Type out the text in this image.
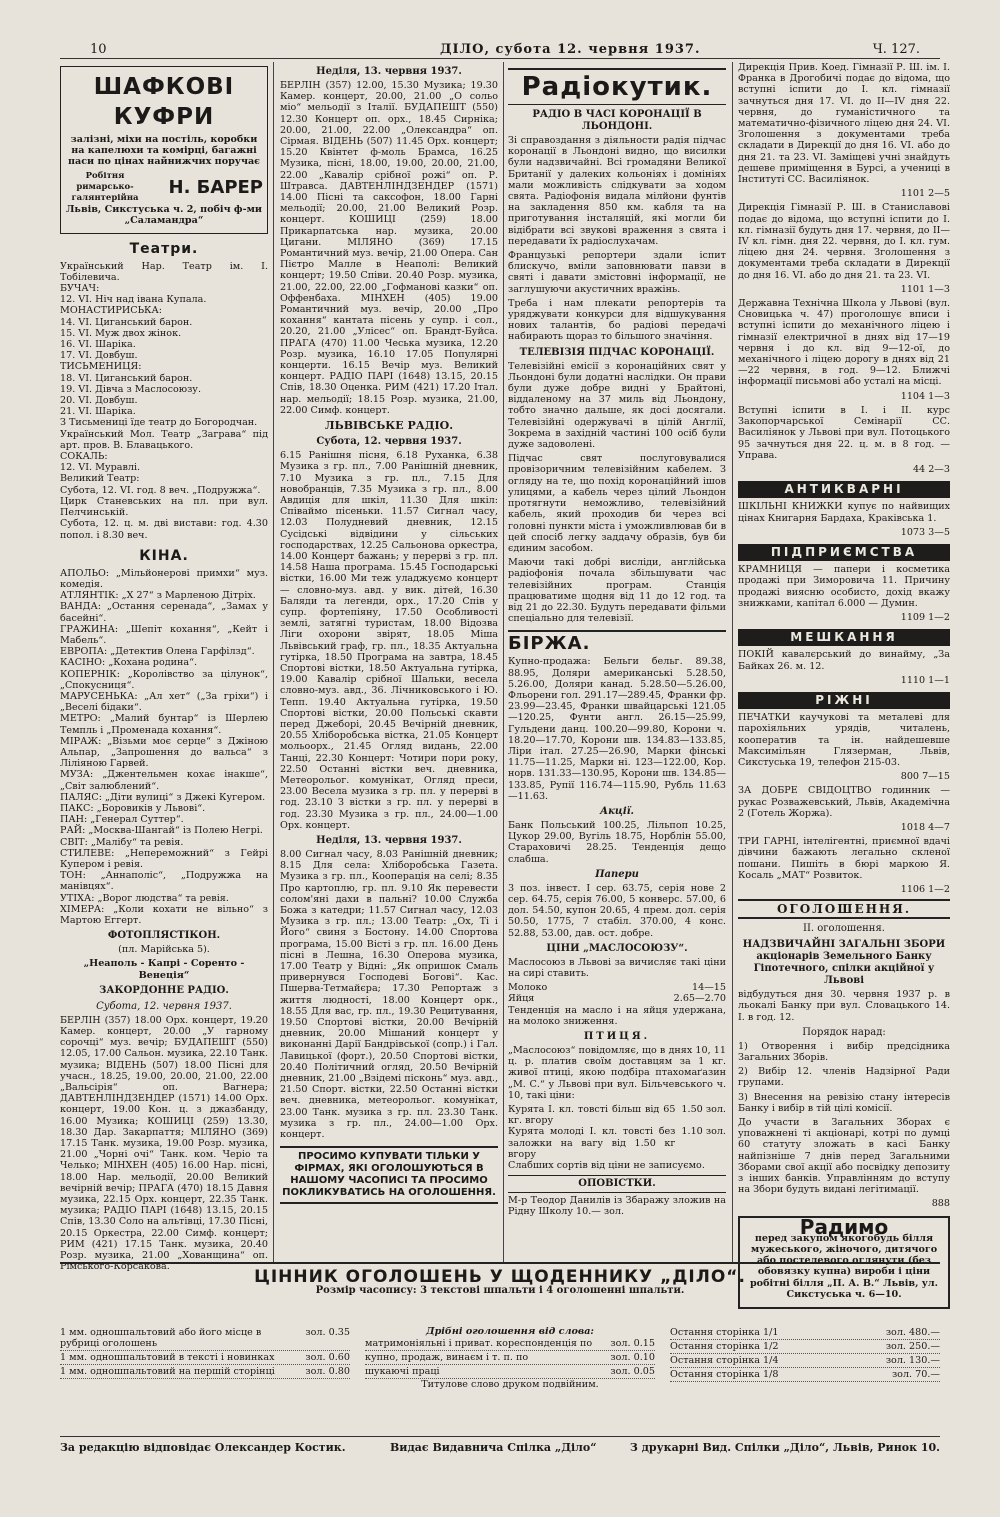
10	ДІЛО, субота 12. червня 1937.	Ч. 127.
ШАФКОВІ КУФРИ

залізні, міхи на постіль, коробки на капелюхи та комірці, багажні паси по цінах найнижчих поручає

Робітня римарсько-галянтерійна
Н. БАРЕР

Львів, Сикстуська ч. 2, побіч ф-ми „Саламандра“

Театри.

Український Нар. Театр ім. І. Тобілевича.

БУЧАЧ:

12. VI. Ніч над івана Купала.

МОНАСТИРИСЬКА:

14. VI. Циганський барон.

15. VI. Муж двох жінок.

16. VI. Шаріка.

17. VI. Довбуш.

ТИСЬМЕНИЦЯ:

18. VI. Циганський барон.

19. VI. Дівча з Маслосоюзу.

20. VI. Довбуш.

21. VI. Шаріка.

З Тисьмениці їде театр до Богородчан.

Український Мол. Театр „Заграва“ під арт. пров. В. Блавацького.

СОКАЛЬ:

12. VI. Муравлі.

Великий Театр:

Субота, 12. VI. год. 8 веч. „Подружжа“.

Цирк Станевських на пл. при вул. Пелчинській.

Субота, 12. ц. м. дві вистави: год. 4.30 попол. і 8.30 веч.

КІНА.

АПОЛЬО: „Мільйонерові примхи“ муз. комедія.

АТЛЯНТІК: „Х 27“ з Марленою Дітріх.

ВАНДА: „Остання серенада“, „Замах у басейні“.

ГРАЖИНА: „Шепіт кохання“, „Кейт і Мабель“.

ЕВРОПА: „Детектив Олена Гарфілзд“.

КАСІНО: „Кохана родина“.

КОПЕРНІК: „Королівство за цілунок“, „Спокусниця“.

МАРУСЕНЬКА: „Ал хет“ („За гріхи“) і „Веселі бідаки“.

МЕТРО: „Малий бунтар“ із Шерлею Темпль і „Променада кохання“.

МІРАЖ: „Візьми моє серце“ з Джіною Альпар, „Запрошення до вальса“ з Ліліяною Гарвей.

МУЗА: „Джентельмен кохає інакше“, „Світ залюблений“.

ПАЛЯС: „Діти вулиці“ з Джекі Кугером.

ПАКС: „Боровиків у Львові“.

ПАН: „Генерал Суттер“.

РАЙ: „Москва-Шангай“ із Полею Негрі.

СВІТ: „Малібу“ та ревія.

СТИЛЕВЕ: „Непереможний“ з Гейрі Купером і ревія.

ТОН: „Аннаполіс“, „Подружжа на манівцях“.

УТІХА: „Ворог людства“ та ревія.

ХІМЕРА: „Коли кохати не вільно“ з Мартою Еггерт.

ФОТОПЛЯСТІКОН.

(пл. Марійська 5).

„Неаполь - Капрі - Соренто - Венеція“

ЗАКОРДОННЕ РАДІО.
Субота, 12. червня 1937.

БЕРЛІН (357) 18.00 Орх. концерт, 19.20 Камер. концерт, 20.00 „У гарному сорочці“ муз. вечір; БУДАПЕШТ (550) 12.05, 17.00 Сальон. музика, 22.10 Танк. музика; ВІДЕНЬ (507) 18.00 Пісні для учасн., 18.25, 19.00, 20.00, 21.00, 22.00 „Вальсірія“ оп. Вагнера; ДАВТЕНЛІНДЗЕНДЕР (1571) 14.00 Орх. концерт, 19.00 Кон. ц. з джазбанду, 16.00 Музика; КОШИЦІ (259) 13.30, 18.30 Дар. Закарпаття; МІЛЯНО (369) 17.15 Танк. музика, 19.00 Розр. музика, 21.00 „Чорні очі“ Танк. ком. Черіо та Челько; МІНХЕН (405) 16.00 Нар. пісні, 18.00 Нар. мельодії, 20.00 Великий вечірній вечір; ПРАГА (470) 18.15 Давня музика, 22.15 Орх. концерт, 22.35 Танк. музика; РАДІО ПАРІ (1648) 13.15, 20.15 Спів, 13.30 Соло на альтівці, 17.30 Пісні, 20.15 Оркестра, 22.00 Симф. концерт; РИМ (421) 17.15 Танк. музика, 20.40 Розр. музика, 21.00 „Хованщина“ оп. Рімського-Корсакова.

Неділя, 13. червня 1937.

БЕРЛІН (357) 12.00, 15.30 Музика; 19.30 Камер. концерт, 20.00, 21.00 „О сольо міо“ мельодії з Італії. БУДАПЕШТ (550) 12.30 Концерт оп. орх., 18.45 Сирніка; 20.00, 21.00, 22.00 „Олександра“ оп. Сірмая. ВІДЕНЬ (507) 11.45 Орх. концерт; 15.20 Квінтет ф-моль Брамса, 16.25 Музика, пісні, 18.00, 19.00, 20.00, 21.00, 22.00 „Кавалір срібної рожі“ оп. Р. Штравса. ДАВТЕНЛІНДЗЕНДЕР (1571) 14.00 Пісні та саксофон, 18.00 Гарні мельодії; 20.00, 21.00 Великий Розр. концерт. КОШИЦІ (259) 18.00 Прикарпатська нар. музика, 20.00 Цигани. МІЛЯНО (369) 17.15 Романтичний муз. вечір, 21.00 Опера. Сан Пієтро Малле в Неаполі: Великий концерт; 19.50 Співи. 20.40 Розр. музика, 21.00, 22.00, 22.00 „Гофманові казки“ оп. Оффенбаха. МІНХЕН (405) 19.00 Романтичний муз. вечір, 20.00 „Про кохання“ кантата пісень у супр. і сол., 20.20, 21.00 „Улісес“ оп. Брандт-Буйса. ПРАГА (470) 11.00 Чеська музика, 12.20 Розр. музика, 16.10 17.05 Популярні концерти. 16.15 Вечір муз. Великий концерт. РАДІО ПАРІ (1648) 13.15, 20.15 Спів, 18.30 Оценка. РИМ (421) 17.20 Італ. нар. мельодії; 18.15 Розр. музика, 21.00, 22.00 Симф. концерт.

ЛЬВІВСЬКЕ РАДІО.
Субота, 12. червня 1937.

6.15 Ранішня пісня, 6.18 Руханка, 6.38 Музика з гр. пл., 7.00 Ранішній дневник, 7.10 Музика з гр. пл., 7.15 Для новобранців, 7.35 Музика з гр. пл., 8.00 Авдиція для шкіл, 11.30 Для шкіл: Співаймо пісеньки. 11.57 Сигнал часу, 12.03 Полудневий дневник, 12.15 Сусідські відвідини у сільських господарствах, 12.25 Сальонова оркестра, 14.00 Концерт бажань; у перерві з гр. пл. 14.58 Наша програма. 15.45 Господарські вістки, 16.00 Ми теж уладжуємо концерт — словно-муз. авд. у вик. дітей, 16.30 Баляди та легенди, орх., 17.20 Спів у супр. фортепіяну, 17.50 Особливості землі, затягні туристам, 18.00 Відозва Ліги охорони звірят, 18.05 Міша Львівський граф, гр. пл., 18.35 Актуальна гутірка, 18.50 Програма на завтра, 18.45 Спортові вістки, 18.50 Актуальна гутірка, 19.00 Кавалір срібної Шальки, весела словно-муз. авд., 36. Лічниковського і Ю. Тепп. 19.40 Актуальна гутірка, 19.50 Спортові вістки, 20.00 Польські скавти перед Джеборі, 20.45 Вечірній дневник, 20.55 Хліборобська вістка, 21.05 Концерт мольоорх., 21.45 Огляд видань, 22.00 Танці, 22.30 Концерт: Чотири пори року, 22.50 Останні вістки веч. дневника, Метеорольог. комунікат, Огляд преси, 23.00 Весела музика з гр. пл. у перерві в год. 23.10 З вістки з гр. пл. у перерві в год. 23.30 Музика з гр. пл., 24.00—1.00 Орх. концерт.

Неділя, 13. червня 1937.

8.00 Сигнал часу, 8.03 Ранішній дневник; 8.15 Для села: Хліборобська Газета. Музика з гр. пл., Кооперація на селі; 8.35 Про картоплю, гр. пл. 9.10 Як перевести солом'яні дахи в пальні? 10.00 Служба Божа з катедри; 11.57 Сигнал часу, 12.03 Музика з гр. пл.; 13.00 Театр: „Ох, Ті і Його“ свиня з Бостону. 14.00 Спортова програма, 15.00 Вісті з гр. пл. 16.00 День пісні в Лешна, 16.30 Оперова музика, 17.00 Театр у Відні: „Як опришок Смаль привернувся Господеві Богові“. Кас. Пшерва-Тетмайєра; 17.30 Репортаж з життя людності, 18.00 Концерт орк., 18.55 Для вас, гр. пл., 19.30 Рецитування, 19.50 Спортові вістки, 20.00 Вечірній дневник, 20.00 Мішаний концерт у виконанні Дарії Бандрівської (сопр.) і Гал. Лавицької (форт.), 20.50 Спортові вістки, 20.40 Політичний огляд, 20.50 Вечірній дневник, 21.00 „Взідемі пісконь“ муз. авд., 21.50 Спорт. вістки, 22.50 Останні вістки веч. дневника, метеорольог. комунікат, 23.00 Танк. музика з гр. пл. 23.30 Танк. музика з гр. пл., 24.00—1.00 Орх. концерт.

ПРОСИМО КУПУВАТИ ТІЛЬКИ У ФІРМАХ, ЯКІ ОГОЛОШУЮТЬСЯ В НАШОМУ ЧАСОПИСІ ТА ПРОСИМО ПОКЛИКУВАТИСЬ НА ОГОЛОШЕННЯ.
Радіокутик.
РАДІО В ЧАСІ КОРОНАЦІЇ В ЛЬОНДОНІ.

Зі справоздання з діяльности радія підчас коронації в Льондоні видно, що висилки були надзвичайні. Всі громадяни Великої Британії у далеких кольоніях і домініях мали можливість слідкувати за ходом свята. Радіофонія видала мілйони фунтів на закладення 850 км. кабля та на приготування інсталяцій, які могли би відібрати всі звукові враження з свята і передавати їх радіослухачам.

Французькі репортери здали іспит блискучо, вміли заповнювати павзи в святі і давати змістовні інформації, не заглушуючи акустичних вражінь.

Треба і нам плекати репортерів та уряджувати конкурси для відшукування нових талантів, бо радіові передачі набирають щораз то більшого значіння.

ТЕЛЕВІЗІЯ ПІДЧАС КОРОНАЦІЇ.

Телевізійні емісії з коронаційних свят у Льондоні були додатні наслідки. Он прави були дуже добре видні у Брайтоні, віддаленому на 37 миль від Льондону, тобто значно дальше, як досі досягали. Телевізійні одержувачі в цілій Англії, Зокрема в західній частині 100 осіб були дуже задоволені.

Підчас свят послуговувалися провізоричним телевізійним кабелем. З огляду на те, що похід коронаційний ішов улицями, а кабель через цілий Льондон протягнути неможливо, телевізійний кабель, який проходив би через всі головні пункти міста і уможливлював би в цей спосіб легку заддачу образів, був би єдиним засобом.

Маючи такі добрі висліди, англійська радіофонія почала збільшувати час телевізійних програм. Станція працюватиме щодня від 11 до 12 год. та від 21 до 22.30. Будуть передавати фільми спеціально для телевізії.

БІРЖА.

Купно-продажа: Бельги бельг. 89.38, 88.95, Доляри американські 5.28.50, 5.26.00, Доляри канад. 5.28.50—5.26.00, Фльорени гол. 291.17—289.45, Франки фр. 23.99—23.45, Франки швайцарські 121.05—120.25, Фунти англ. 26.15—25.99, Гульдени данц. 100.20—99.80, Корони ч. 18.20—17.70, Корони шв. 134.83—133.85, Ліри італ. 27.25—26.90, Марки фінські 11.75—11.25, Марки ні. 123—122.00, Кор. норв. 131.33—130.95, Корони шв. 134.85—133.85, Рупії 116.74—115.90, Рубль 11.63—11.63.

Акції.

Банк Польський 100.25, Лільпоп 10.25, Цукор 29.00, Вугіль 18.75, Норблін 55.00, Стараховичі 28.25. Тенденція дещо слабша.

Папери

3 поз. інвест. І сер. 63.75, серія нове 2 сер. 64.75, серія 76.00, 5 конверс. 57.00, 6 дол. 54.50, купон 20.65, 4 прем. дол. серія 50.50, 1775, 7 стабіл. 370.00, 4 конс. 52.88, 53.00, дав. ост. добре.

ЦІНИ „МАСЛОСОЮЗУ“.

Маслосоюз в Львові за вичисляє такі ціни на сирі ставить.

Молоко	14—15
Яйця	2.65—2.70

Тенденція на масло і на яйця удержана, на молоко зниження.

ПТИЦЯ.

„Маслосоюз“ повідомляє, що в днях 10, 11 ц. р. платив своїм доставцям за 1 кг. живої птиці, якою подбіра птахомаґазин „М. С.“ у Львові при вул. Більчевського ч. 10, такі ціни:

Курята І. кл. товсті більш від 65 кг. вгору
1.50 зол.
Курята молоді І. кл. товсті без заложки на вагу від 1.50 кг вгору
1.10 зол.
Слабших сортів від ціни не записуємо.
ОПОВІСТКИ.

М-р Теодор Данилів із Збаражу зложив на Рідну Школу 10.— зол.

Дирекція Прив. Коед. Гімназії Р. Ш. ім. І. Франка в Дрогобичі подає до відома, що вступні іспити до І. кл. гімназії зачнуться дня 17. VI. до II—IV дня 22. червня, до гуманістичного та математично-фізичного ліцею дня 24. VI. Зголошення з документами треба складати в Дирекції до дня 16. VI. або до дня 21. та 23. VI. Заміщеві учні знайдуть дешеве приміщення в Бурсі, а учениці в Інституті СС. Василіянок.

1101 2—5

Дирекція Гімназії Р. Ш. в Станиславові подає до відома, що вступні іспити до І. кл. гімназії будуть дня 17. червня, до II—IV кл. гімн. дня 22. червня, до І. кл. гум. ліцею дня 24. червня. Зголошення з документами треба складати в Дирекції до дня 16. VI. або до дня 21. та 23. VI.

1101 1—3

Державна Технічна Школа у Львові (вул. Сновицька ч. 47) проголошує вписи і вступні іспити до механічного ліцею і гімназії електричної в днях від 17—19 червня і до кл. від 9—12-ої, до механічного і ліцею дорогу в днях від 21—22 червня, в год. 9—12. Ближчі інформації письмові або усталі на місці.

1104 1—3

Вступні іспити в І. і II. курс Закопорчарської Семінарії СС. Василіянок у Львові при вул. Потоцького 95 зачнуться дня 22. ц. м. в 8 год. — Управа.

44 2—3

АНТИКВАРНІ

ШКІЛЬНІ КНИЖКИ купує по найвищих цінах Книгарня Бардаха, Краківська 1.

1073 3—5

ПІДПРИЄМСТВА

КРАМНИЦЯ — папери і косметика продажі при Зиморовича 11. Причину продажі виясню особисто, дохід вкажу знижками, капітал 6.000 — Думин.

1109 1—2

МЕШКАННЯ

ПОКІЙ кавалєрський до винайму, „За Байках 26. м. 12.

1110 1—1

РІЖНІ

ПЕЧАТКИ каучукові та металеві для парохіяльних урядів, читалень, кооператив та ін. найдешевше Максимільян Глязерман, Львів, Сикстуська 19, телефон 215-03.

800 7—15

ЗА ДОБРЕ СВІДОЦТВО годинник — рукас Розважевський, Львів, Академічна 2 (Готель Жоржа).

1018 4—7

ТРИ ГАРНІ, інтелігентні, приємної вдачі дівчини бажають легально скленої пошани. Пишіть в бюрі маркою Я. Косаль „МАТ“ Розвиток.

1106 1—2

ОГОЛОШЕННЯ.
II. оголошення.
НАДЗВИЧАЙНІ ЗАГАЛЬНІ ЗБОРИ акціонарів Земельного Банку Гіпотечного, спілки акційної у Львові

відбудуться дня 30. червня 1937 р. в льокалі Банку при вул. Словацького 14. І. в год. 12.

Порядок нарад:

1) Отворення і вибір предсідника Загальних Зборів.

2) Вибір 12. членів Надзірної Ради групами.

3) Внесення на ревізію стану інтересів Банку і вибір в тій цілі комісії.

До участи в Загальних Зборах є уповажнені ті акціонарі, котрі по думці 60 статуту зложать в касі Банку найпізніше 7 днів перед Загальними Зборами свої акції або посвідку депозиту з інших банків. Управлінням до вступу на Збори будуть видані легітимації.

888

Радимо

перед закупом якогобудь білля мужеського, жіночого, дитячого або постелевого оглянути (без обовязку купна) вироби і ціни робітні білля „П. А. В.“ Львів, ул. Сикстуська ч. 6—10.

ЦІННИК ОГОЛОШЕНЬ У ЩОДЕННИКУ „ДІЛО“.
Розмір часопису: 3 текстові шпальти і 4 оголошенні шпальти.
1 мм. одношпальтовий або його місце в рубриці оголошень
зол. 0.35
1 мм. одношпальтовий в тексті і новинках	зол. 0.60
1 мм. одношпальтовий на першій сторінці	зол. 0.80
Дрібні оголошення від слова:
матримоніяльні і приват. кореспонденція по зол. 0.15
купно, продаж, винаєм і т. п. по	зол. 0.10
шукаючі праці	зол. 0.05
Титулове слово друком подвійним.
Остання сторінка 1/1	зол. 480.—
Остання сторінка 1/2	зол. 250.—
Остання сторінка 1/4	зол. 130.—
Остання сторінка 1/8	зол. 70.—
За редакцію відповідає Олександер Костик.	Видає Видавнича Спілка „Діло“	З друкарні Вид. Спілки „Діло“, Львів, Ринок 10.
